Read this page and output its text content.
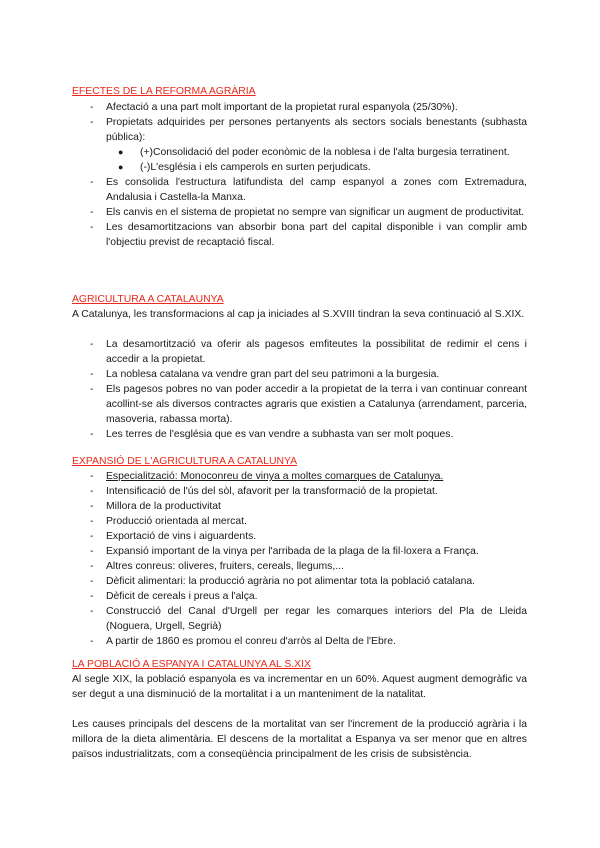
EFECTES DE LA REFORMA AGRÀRIA
- Afectació a una part molt important de la propietat rural espanyola (25/30%).
- Propietats adquirides per persones pertanyents als sectors socials benestants (subhasta pública):
● (+)Consolidació del poder econòmic de la noblesa i de l'alta burgesia terratinent.
● (-)L'església i els camperols en surten perjudicats.
- Es consolida l'estructura latifundista del camp espanyol a zones com Extremadura, Andalusia i Castella-la Manxa.
- Els canvis en el sistema de propietat no sempre van significar un augment de productivitat.
- Les desamortitzacions van absorbir bona part del capital disponible i van complir amb l'objectiu previst de recaptació fiscal.
AGRICULTURA A CATALAUNYA

A Catalunya, les transformacions al cap ja iniciades al S.XVIII tindran la seva continuació al S.XIX.

- La desamortització va oferir als pagesos emfiteutes la possibilitat de redimir el cens i accedir a la propietat.
- La noblesa catalana va vendre gran part del seu patrimoni a la burgesia.
- Els pagesos pobres no van poder accedir a la propietat de la terra i van continuar conreant acollint-se als diversos contractes agraris que existien a Catalunya (arrendament, parceria, masoveria, rabassa morta).
- Les terres de l'església que es van vendre a subhasta van ser molt poques.
EXPANSIÓ DE L'AGRICULTURA A CATALUNYA
- Especialització: Monoconreu de vinya a moltes comarques de Catalunya.
- Intensificació de l'ús del sòl, afavorit per la transformació de la propietat.
- Millora de la productivitat
- Producció orientada al mercat.
- Exportació de vins i aiguardents.
- Expansió important de la vinya per l'arribada de la plaga de la fil·loxera a França.
- Altres conreus: oliveres, fruiters, cereals, llegums,...
- Dèficit alimentari: la producció agrària no pot alimentar tota la població catalana.
- Dèficit de cereals i preus a l'alça.
- Construcció del Canal d'Urgell per regar les comarques interiors del Pla de Lleida (Noguera, Urgell, Segrià)
- A partir de 1860 es promou el conreu d'arròs al Delta de l'Ebre.
LA POBLACIÓ A ESPANYA I CATALUNYA AL S.XIX

Al segle XIX, la població espanyola es va incrementar en un 60%. Aquest augment demogràfic va ser degut a una disminució de la mortalitat i a un manteniment de la natalitat.

Les causes principals del descens de la mortalitat van ser l'increment de la producció agrària i la millora de la dieta alimentària. El descens de la mortalitat a Espanya va ser menor que en altres països industrialitzats, com a conseqüència principalment de les crisis de subsistència.
